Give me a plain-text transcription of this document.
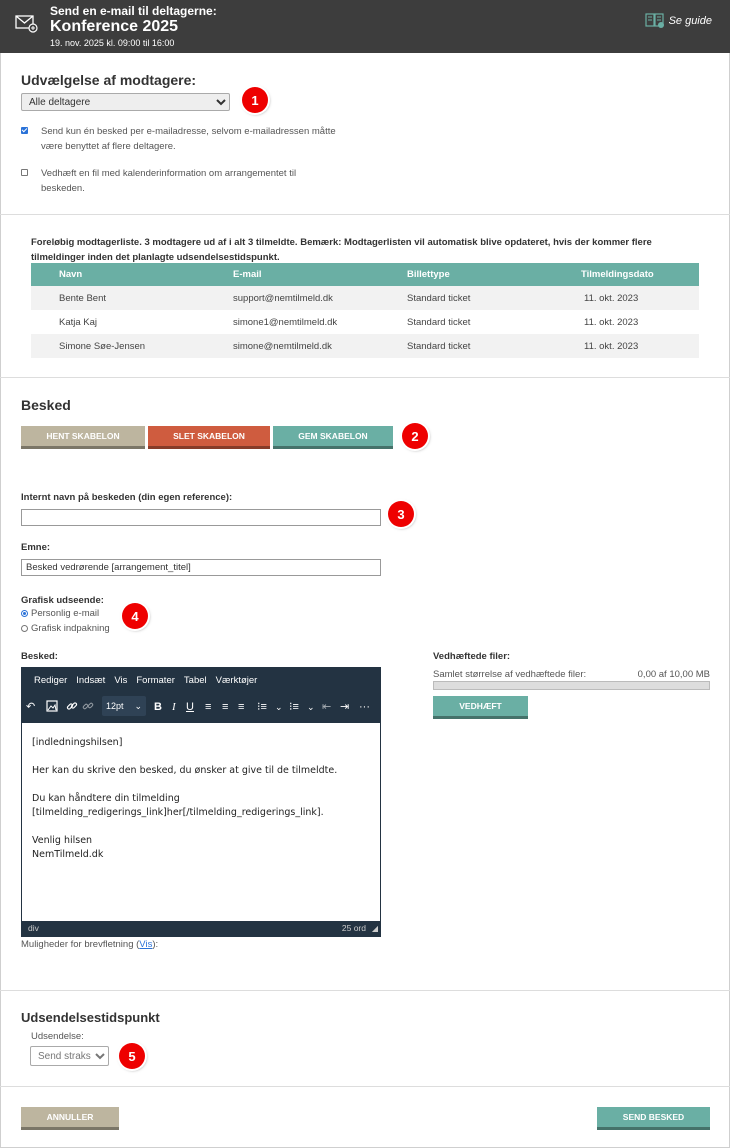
Send en e-mail til deltagerne:
Konference 2025
19. nov. 2025 kl. 09:00 til 16:00
Se guide
Udvælgelse af modtagere:
Alle deltagere
1
Send kun én besked per e-mailadresse, selvom e-mailadressen måtte være benyttet af flere deltagere.
Vedhæft en fil med kalenderinformation om arrangementet til beskeden.
Foreløbig modtagerliste. 3 modtagere ud af i alt 3 tilmeldte. Bemærk: Modtagerlisten vil automatisk blive opdateret, hvis der kommer flere tilmeldinger inden det planlagte udsendelsestidspunkt.
Navn	E-mail	Billettype	Tilmeldingsdato
Bente Bent	support@nemtilmeld.dk	Standard ticket	11. okt. 2023
Katja Kaj	simone1@nemtilmeld.dk	Standard ticket	11. okt. 2023
Simone Søe-Jensen	simone@nemtilmeld.dk	Standard ticket	11. okt. 2023
Besked
HENT SKABELON	SLET SKABELON	GEM SKABELON	2
Internt navn på beskeden (din egen reference):
3
Emne:
Besked vedrørende [arrangement_titel]
Grafisk udseende:
Personlig e-mail
Grafisk indpakning
4
Besked:
Rediger Indsæt Vis Formater Tabel Værktøjer
↶	12pt ⌄ B I U ≡ ≡ ≡ ⁝≡ ⌄ ⁝≡ ⌄ ⇤ ⇥ ···
[indledningshilsen]
Her kan du skrive den besked, du ønsker at give til de tilmeldte.
Du kan håndtere din tilmelding
[tilmelding_redigerings_link]her[/tilmelding_redigerings_link].
Venlig hilsen
NemTilmeld.dk
div	25 ord ◢
Muligheder for brevfletning (Vis):
Vedhæftede filer:
Samlet størrelse af vedhæftede filer:	0,00 af 10,00 MB
VEDHÆFT
Udsendelsestidspunkt
Udsendelse:
Send straks
5
ANNULLER	SEND BESKED
